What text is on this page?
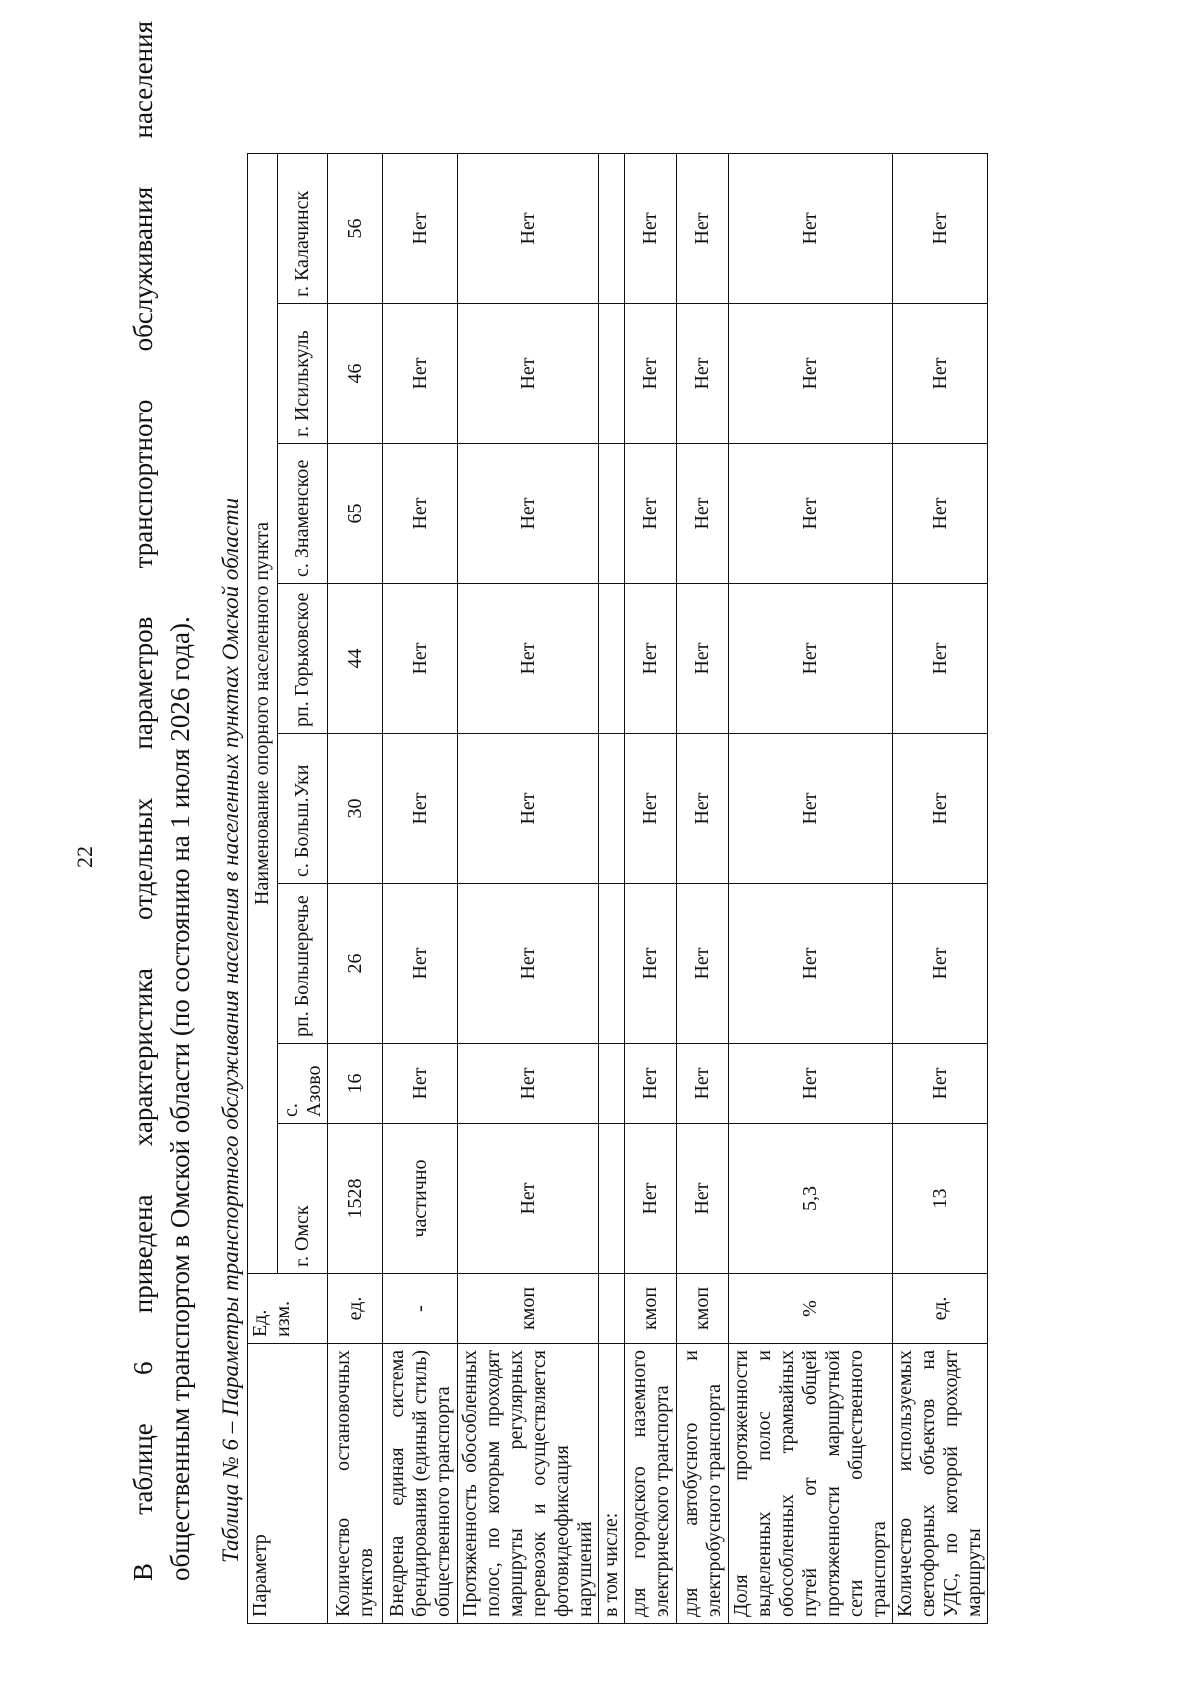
22 В таблице 6 приведена характеристика отдельных параметров транспортного обслуживания населения общественным транспортом в Омской области (по состоянию на 1 июля 2026 года). Таблица № 6 – Параметры транспортного обслуживания населения в населенных пунктах Омской области
Параметр	Ед. изм.	Наименование опорного населенного пункта							
		г. Омск	с. Азово	рп. Большеречье	с. Больш.Уки	рп. Горьковское	с. Знаменское	г. Исилькуль	г. Калачинск
Количество остановочных пунктов	ед.	1528	16	26	30	44	65	46	56
Внедрена единая система брендирования (единый стиль) общественного транспорта	-	частично	Нет	Нет	Нет	Нет	Нет	Нет	Нет
Протяженность обособленных полос, по которым проходят маршруты регулярных перевозок и осуществляется фотовидеофиксация нарушений	кмоп	Нет	Нет	Нет	Нет	Нет	Нет	Нет	Нет
в том числе:									
для городского наземного электрического транспорта	кмоп	Нет	Нет	Нет	Нет	Нет	Нет	Нет	Нет
для автобусного и электробусного транспорта	кмоп	Нет	Нет	Нет	Нет	Нет	Нет	Нет	Нет
Доля протяженности выделенных полос и обособленных трамвайных путей от общей протяженности маршрутной сети общественного транспорта	%	5,3	Нет	Нет	Нет	Нет	Нет	Нет	Нет
Количество используемых светофорных объектов на УДС, по которой проходят маршруты	ед.	13	Нет	Нет	Нет	Нет	Нет	Нет	Нет
